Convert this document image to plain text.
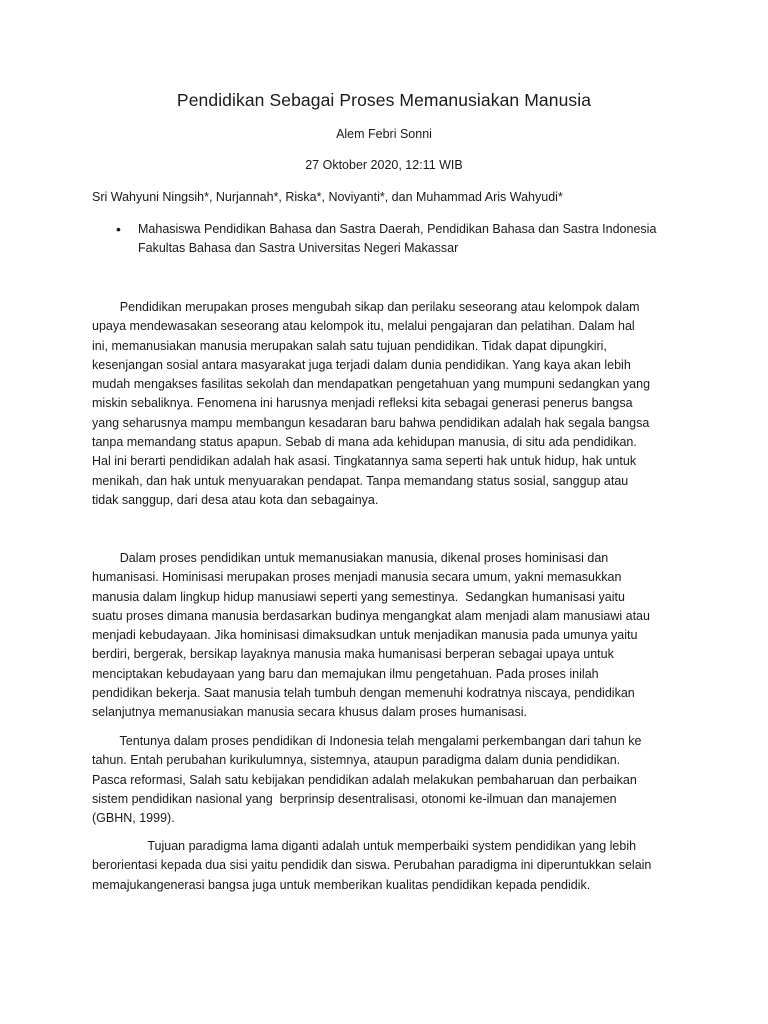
Pendidikan Sebagai Proses Memanusiakan Manusia
Alem Febri Sonni
27 Oktober 2020, 12:11 WIB
Sri Wahyuni Ningsih*, Nurjannah*, Riska*, Noviyanti*, dan Muhammad Aris Wahyudi*
• Mahasiswa Pendidikan Bahasa dan Sastra Daerah, Pendidikan Bahasa dan Sastra Indonesia
Fakultas Bahasa dan Sastra Universitas Negeri Makassar
Pendidikan merupakan proses mengubah sikap dan perilaku seseorang atau kelompok dalam
upaya mendewasakan seseorang atau kelompok itu, melalui pengajaran dan pelatihan. Dalam hal
ini, memanusiakan manusia merupakan salah satu tujuan pendidikan. Tidak dapat dipungkiri,
kesenjangan sosial antara masyarakat juga terjadi dalam dunia pendidikan. Yang kaya akan lebih
mudah mengakses fasilitas sekolah dan mendapatkan pengetahuan yang mumpuni sedangkan yang
miskin sebaliknya. Fenomena ini harusnya menjadi refleksi kita sebagai generasi penerus bangsa
yang seharusnya mampu membangun kesadaran baru bahwa pendidikan adalah hak segala bangsa
tanpa memandang status apapun. Sebab di mana ada kehidupan manusia, di situ ada pendidikan.
Hal ini berarti pendidikan adalah hak asasi. Tingkatannya sama seperti hak untuk hidup, hak untuk
menikah, dan hak untuk menyuarakan pendapat. Tanpa memandang status sosial, sanggup atau
tidak sanggup, dari desa atau kota dan sebagainya.
Dalam proses pendidikan untuk memanusiakan manusia, dikenal proses hominisasi dan
humanisasi. Hominisasi merupakan proses menjadi manusia secara umum, yakni memasukkan
manusia dalam lingkup hidup manusiawi seperti yang semestinya.  Sedangkan humanisasi yaitu
suatu proses dimana manusia berdasarkan budinya mengangkat alam menjadi alam manusiawi atau
menjadi kebudayaan. Jika hominisasi dimaksudkan untuk menjadikan manusia pada umunya yaitu
berdiri, bergerak, bersikap layaknya manusia maka humanisasi berperan sebagai upaya untuk
menciptakan kebudayaan yang baru dan memajukan ilmu pengetahuan. Pada proses inilah
pendidikan bekerja. Saat manusia telah tumbuh dengan memenuhi kodratnya niscaya, pendidikan
selanjutnya memanusiakan manusia secara khusus dalam proses humanisasi.
Tentunya dalam proses pendidikan di Indonesia telah mengalami perkembangan dari tahun ke
tahun. Entah perubahan kurikulumnya, sistemnya, ataupun paradigma dalam dunia pendidikan.
Pasca reformasi, Salah satu kebijakan pendidikan adalah melakukan pembaharuan dan perbaikan
sistem pendidikan nasional yang  berprinsip desentralisasi, otonomi ke-ilmuan dan manajemen
(GBHN, 1999).
Tujuan paradigma lama diganti adalah untuk memperbaiki system pendidikan yang lebih
berorientasi kepada dua sisi yaitu pendidik dan siswa. Perubahan paradigma ini diperuntukkan selain
memajukangenerasi bangsa juga untuk memberikan kualitas pendidikan kepada pendidik.
